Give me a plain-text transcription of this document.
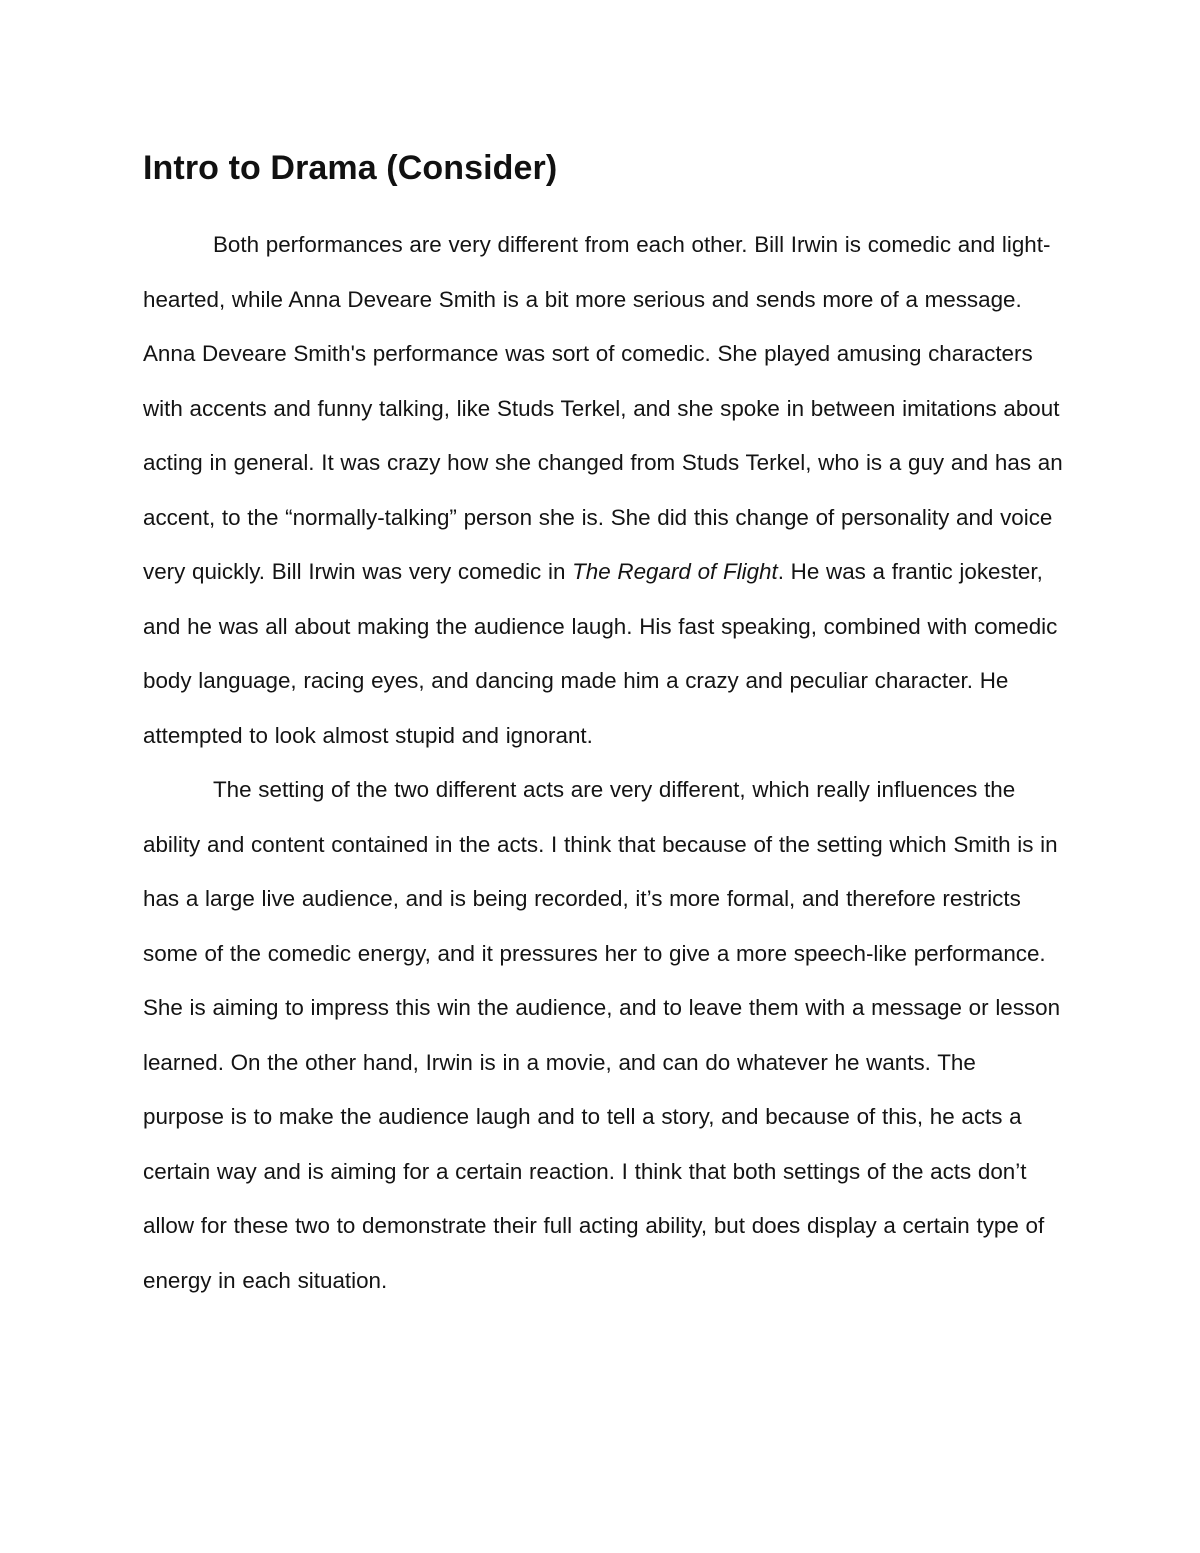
Intro to Drama (Consider)

Both performances are very different from each other. Bill Irwin is comedic and light-hearted, while Anna Deveare Smith is a bit more serious and sends more of a message. Anna Deveare Smith's performance was sort of comedic. She played amusing characters with accents and funny talking, like Studs Terkel, and she spoke in between imitations about acting in general. It was crazy how she changed from Studs Terkel, who is a guy and has an accent, to the “normally-talking” person she is. She did this change of personality and voice very quickly. Bill Irwin was very comedic in The Regard of Flight. He was a frantic jokester, and he was all about making the audience laugh. His fast speaking, combined with comedic body language, racing eyes, and dancing made him a crazy and peculiar character. He attempted to look almost stupid and ignorant.

The setting of the two different acts are very different, which really influences the ability and content contained in the acts. I think that because of the setting which Smith is in has a large live audience, and is being recorded, it’s more formal, and therefore restricts some of the comedic energy, and it pressures her to give a more speech-like performance. She is aiming to impress this win the audience, and to leave them with a message or lesson learned. On the other hand, Irwin is in a movie, and can do whatever he wants. The purpose is to make the audience laugh and to tell a story, and because of this, he acts a certain way and is aiming for a certain reaction. I think that both settings of the acts don’t allow for these two to demonstrate their full acting ability, but does display a certain type of energy in each situation.
